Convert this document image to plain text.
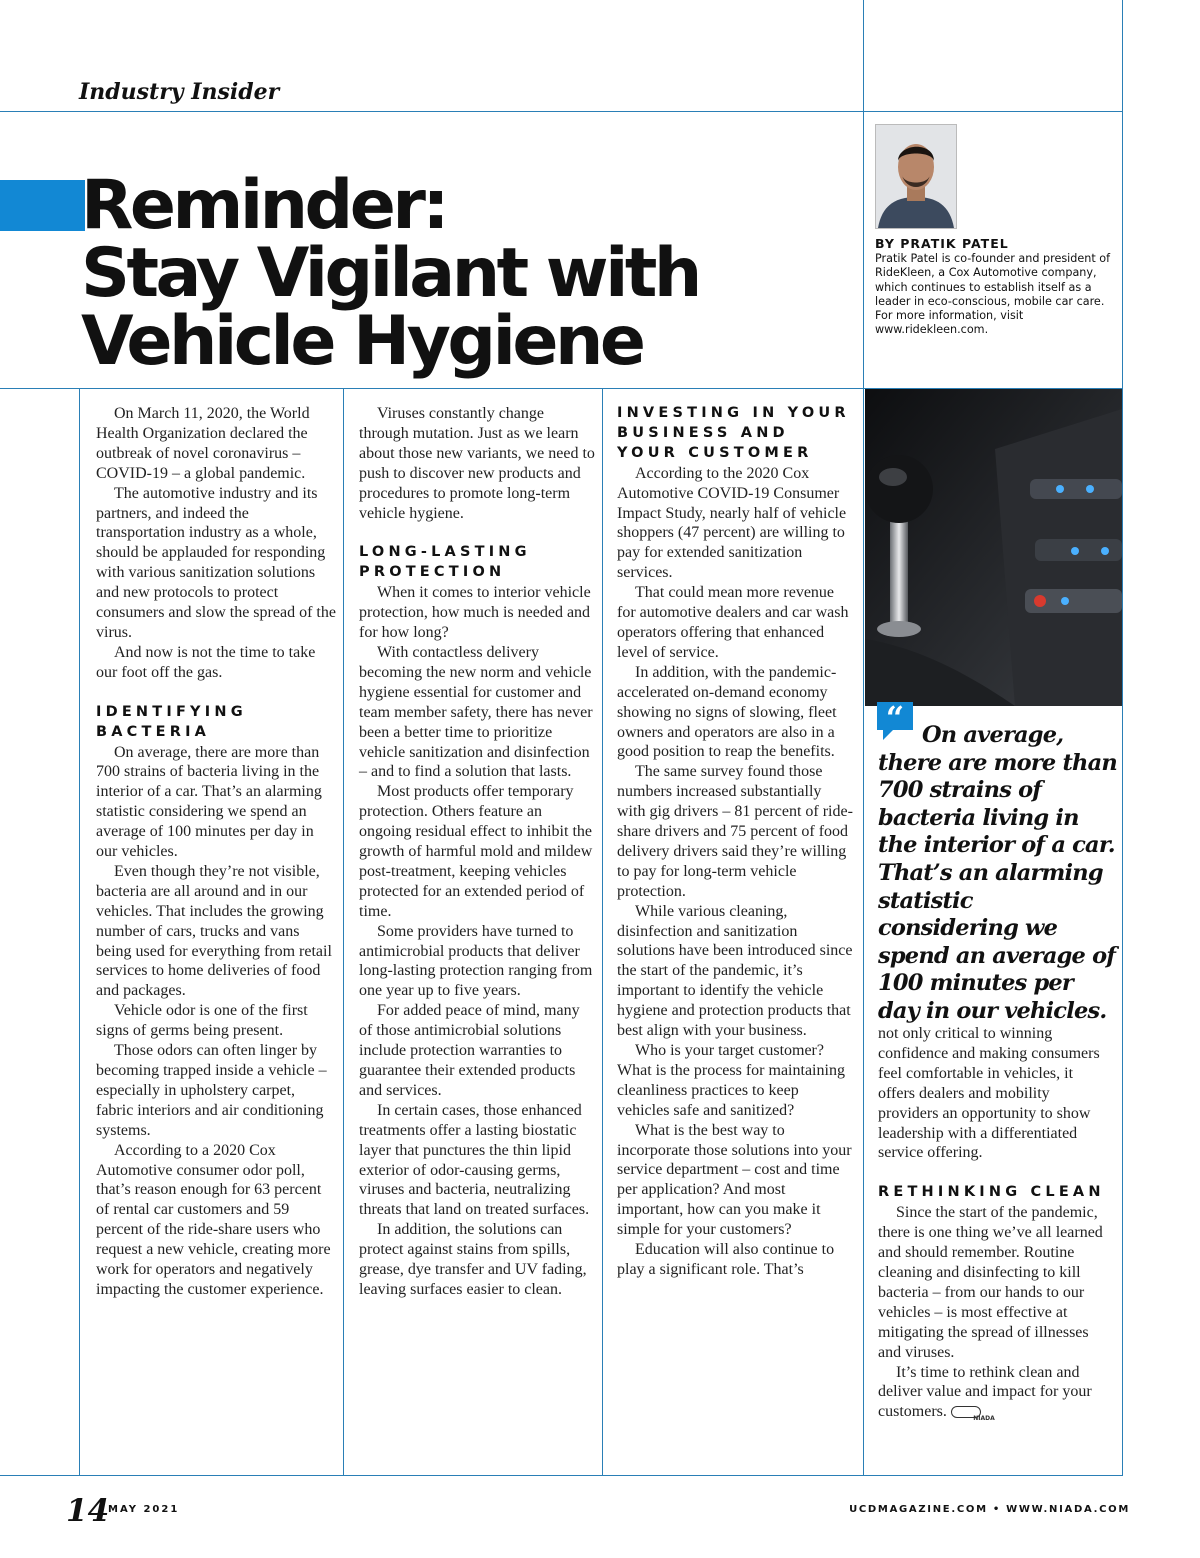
Industry Insider
Reminder:
Stay Vigilant with
Vehicle Hygiene

BY PRATIK PATEL

Pratik Patel is co-founder and president of RideKleen, a Cox Automotive company, which continues to establish itself as a leader in eco-conscious, mobile car care. For more information, visit www.ridekleen.com.

On March 11, 2020, the World Health Organization declared the outbreak of novel coronavirus – COVID-19 – a global pandemic.

The automotive industry and its partners, and indeed the transportation industry as a whole, should be applauded for responding with various sanitization solutions and new protocols to protect consumers and slow the spread of the virus.

And now is not the time to take our foot off the gas.

IDENTIFYING BACTERIA

On average, there are more than 700 strains of bacteria living in the interior of a car. That’s an alarming statistic considering we spend an average of 100 minutes per day in our vehicles.

Even though they’re not visible, bacteria are all around and in our vehicles. That includes the growing number of cars, trucks and vans being used for everything from retail services to home deliveries of food and packages.

Vehicle odor is one of the first signs of germs being present.

Those odors can often linger by becoming trapped inside a vehicle – especially in upholstery carpet, fabric interiors and air conditioning systems.

According to a 2020 Cox Automotive consumer odor poll, that’s reason enough for 63 percent of rental car customers and 59 percent of the ride-share users who request a new vehicle, creating more work for operators and negatively impacting the customer experience.

Viruses constantly change through mutation. Just as we learn about those new variants, we need to push to discover new products and procedures to promote long-term vehicle hygiene.

LONG-LASTING PROTECTION

When it comes to interior vehicle protection, how much is needed and for how long?

With contactless delivery becoming the new norm and vehicle hygiene essential for customer and team member safety, there has never been a better time to prioritize vehicle sanitization and disinfection – and to find a solution that lasts.

Most products offer temporary protection. Others feature an ongoing residual effect to inhibit the growth of harmful mold and mildew post-treatment, keeping vehicles protected for an extended period of time.

Some providers have turned to antimicrobial products that deliver long-lasting protection ranging from one year up to five years.

For added peace of mind, many of those antimicrobial solutions include protection warranties to guarantee their extended products and services.

In certain cases, those enhanced treatments offer a lasting biostatic layer that punctures the thin lipid exterior of odor-causing germs, viruses and bacteria, neutralizing threats that land on treated surfaces.

In addition, the solutions can protect against stains from spills, grease, dye transfer and UV fading, leaving surfaces easier to clean.

INVESTING IN YOUR BUSINESS AND YOUR CUSTOMER

According to the 2020 Cox Automotive COVID-19 Consumer Impact Study, nearly half of vehicle shoppers (47 percent) are willing to pay for extended sanitization services.

That could mean more revenue for automotive dealers and car wash operators offering that enhanced level of service.

In addition, with the pandemic-accelerated on-demand economy showing no signs of slowing, fleet owners and operators are also in a good position to reap the benefits.

The same survey found those numbers increased substantially with gig drivers – 81 percent of ride-share drivers and 75 percent of food delivery drivers said they’re willing to pay for long-term vehicle protection.

While various cleaning, disinfection and sanitization solutions have been introduced since the start of the pandemic, it’s important to identify the vehicle hygiene and protection products that best align with your business.

Who is your target customer? What is the process for maintaining cleanliness practices to keep vehicles safe and sanitized?

What is the best way to incorporate those solutions into your service department – cost and time per application? And most important, how can you make it simple for your customers?

Education will also continue to play a significant role. That’s

“ On average, there are more than 700 strains of bacteria living in the interior of a car. That’s an alarming statistic considering we spend an average of 100 minutes per day in our vehicles.

not only critical to winning confidence and making consumers feel comfortable in vehicles, it offers dealers and mobility providers an opportunity to show leadership with a differentiated service offering.

RETHINKING CLEAN

Since the start of the pandemic, there is one thing we’ve all learned and should remember. Routine cleaning and disinfecting to kill bacteria – from our hands to our vehicles – is most effective at mitigating the spread of illnesses and viruses.

It’s time to rethink clean and deliver value and impact for your customers.	NIADA

14

MAY 2021	UCDMAGAZINE.COM • WWW.NIADA.COM
